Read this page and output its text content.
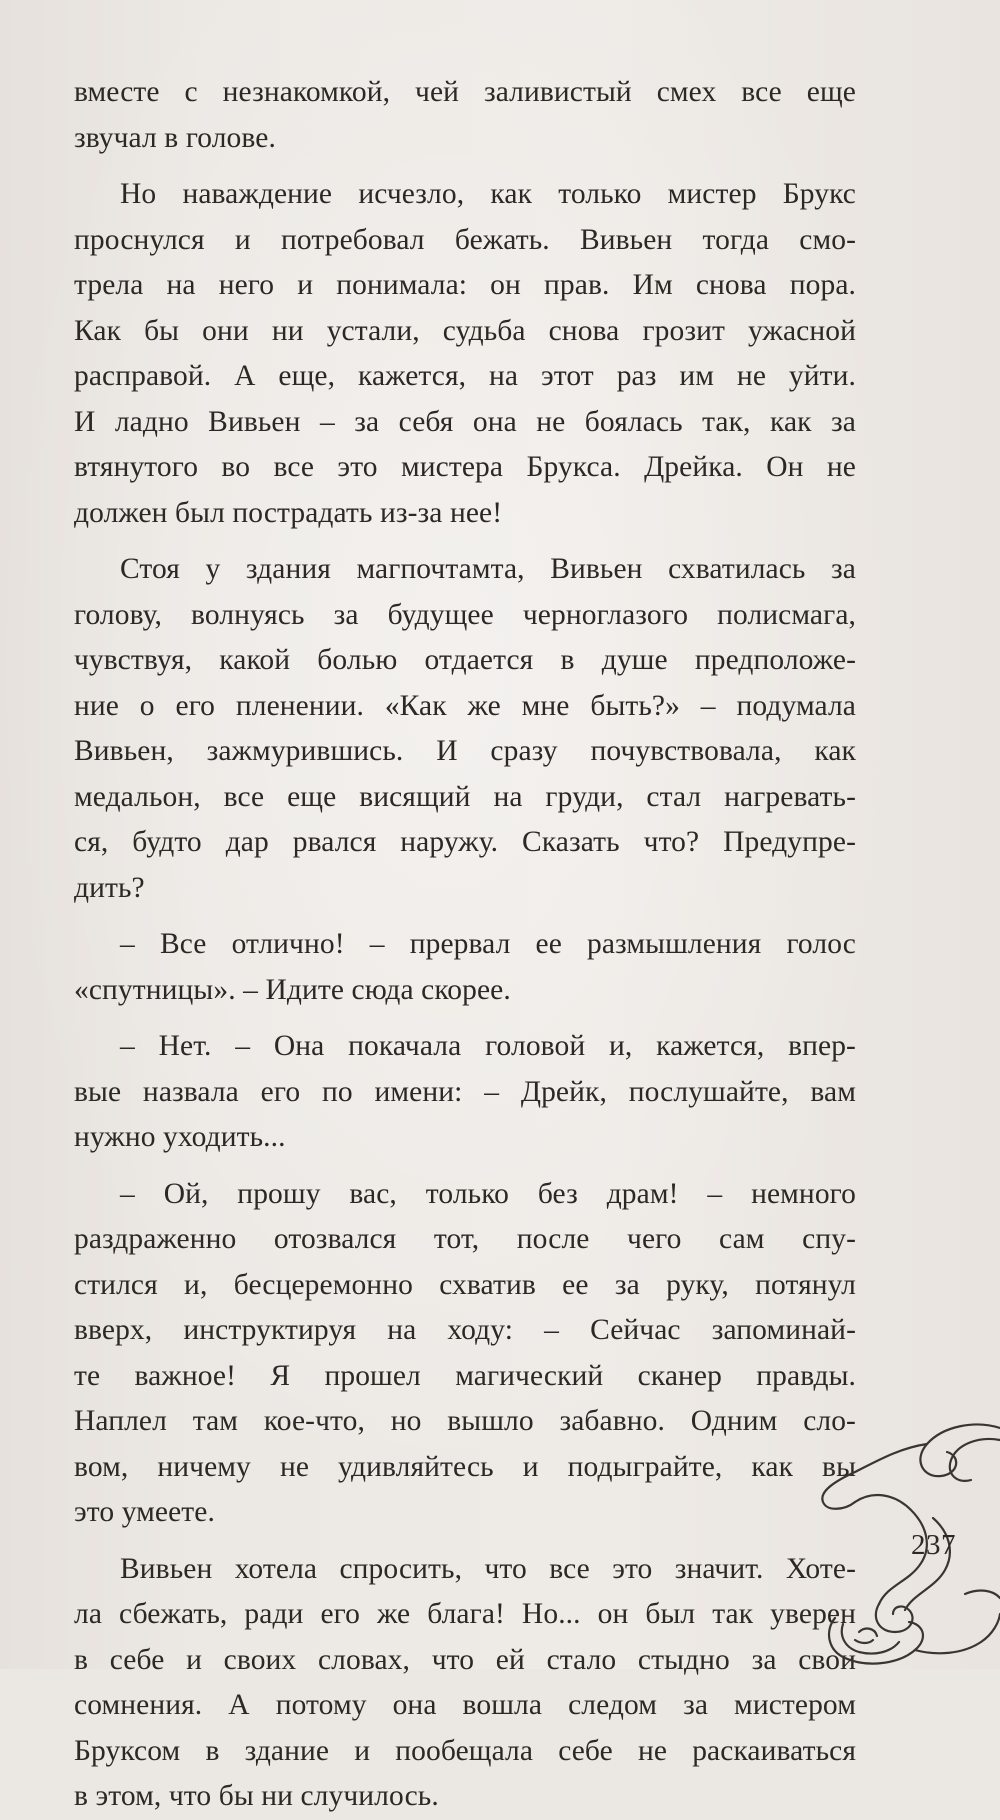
вместе с незнакомкой, чей заливистый смех все еще
звучал в голове.
Но наваждение исчезло, как только мистер Брукс
проснулся и потребовал бежать. Вивьен тогда смо-
трела на него и понимала: он прав. Им снова пора.
Как бы они ни устали, судьба снова грозит ужасной
расправой. А еще, кажется, на этот раз им не уйти.
И ладно Вивьен – за себя она не боялась так, как за
втянутого во все это мистера Брукса. Дрейка. Он не
должен был пострадать из-за нее!
Стоя у здания магпочтамта, Вивьен схватилась за
голову, волнуясь за будущее черноглазого полисмага,
чувствуя, какой болью отдается в душе предположе-
ние о его пленении. «Как же мне быть?» – подумала
Вивьен, зажмурившись. И сразу почувствовала, как
медальон, все еще висящий на груди, стал нагревать-
ся, будто дар рвался наружу. Сказать что? Предупре-
дить?
– Все отлично! – прервал ее размышления голос
«спутницы». – Идите сюда скорее.
– Нет. – Она покачала головой и, кажется, впер-
вые назвала его по имени: – Дрейк, послушайте, вам
нужно уходить...
– Ой, прошу вас, только без драм! – немного
раздраженно отозвался тот, после чего сам спу-
стился и, бесцеремонно схватив ее за руку, потянул
вверх, инструктируя на ходу: – Сейчас запоминай-
те важное! Я прошел магический сканер правды.
Наплел там кое-что, но вышло забавно. Одним сло-
вом, ничему не удивляйтесь и подыграйте, как вы
это умеете.
Вивьен хотела спросить, что все это значит. Хоте-
ла сбежать, ради его же блага! Но... он был так уверен
в себе и своих словах, что ей стало стыдно за свои
сомнения. А потому она вошла следом за мистером
Бруксом в здание и пообещала себе не раскаиваться
в этом, что бы ни случилось.
237
